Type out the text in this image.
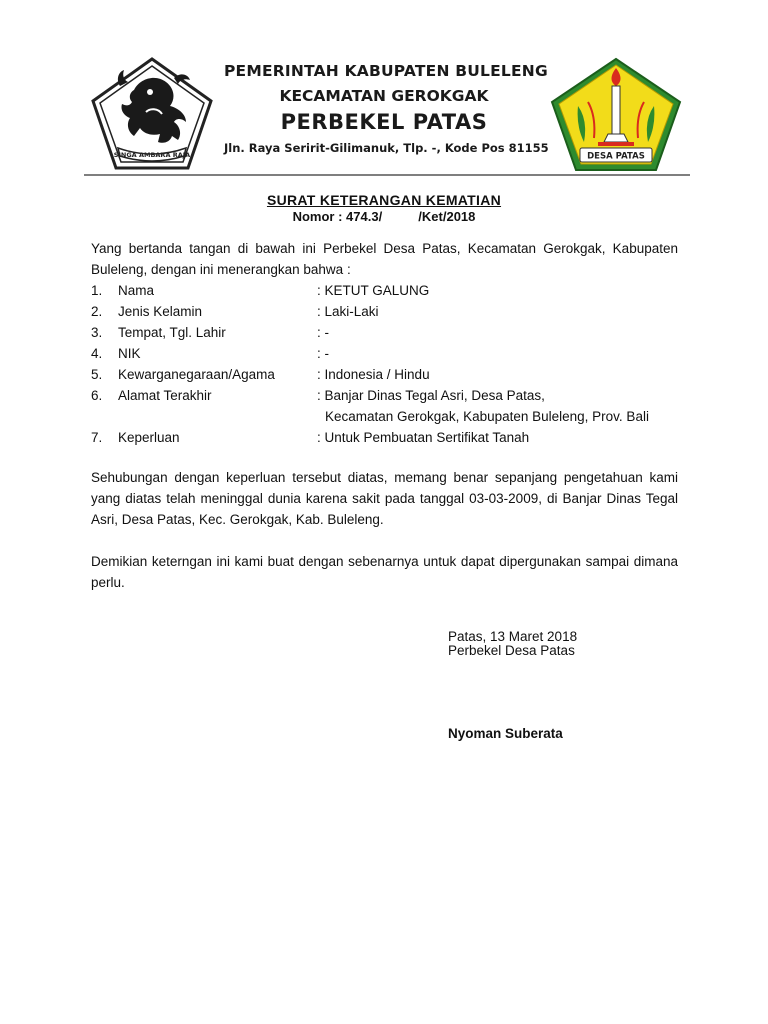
SINGA AMBARA RAJA
PEMERINTAH KABUPATEN BULELENG
KECAMATAN GEROKGAK
PERBEKEL PATAS
Jln. Raya Seririt-Gilimanuk, Tlp. -, Kode Pos 81155
DESA PATAS
SURAT KETERANGAN KEMATIAN
Nomor : 474.3/          /Ket/2018
Yang bertanda tangan di bawah ini Perbekel Desa Patas, Kecamatan Gerokgak, Kabupaten Buleleng, dengan ini menerangkan bahwa :
1. Nama	: KETUT GALUNG
2. Jenis Kelamin	: Laki-Laki
3. Tempat, Tgl. Lahir	: -
4. NIK	: -
5. Kewarganegaraan/Agama	: Indonesia / Hindu
6. Alamat Terakhir	: Banjar Dinas Tegal Asri, Desa Patas,
Kecamatan Gerokgak, Kabupaten Buleleng, Prov. Bali
7. Keperluan	: Untuk Pembuatan Sertifikat Tanah
Sehubungan dengan keperluan tersebut diatas, memang benar sepanjang pengetahuan kami yang diatas telah meninggal dunia karena sakit pada tanggal 03-03-2009, di Banjar Dinas Tegal Asri, Desa Patas, Kec. Gerokgak, Kab. Buleleng.
Demikian keterngan ini kami buat dengan sebenarnya untuk dapat dipergunakan sampai dimana perlu.
Patas, 13 Maret 2018
Perbekel Desa Patas
Nyoman Suberata
